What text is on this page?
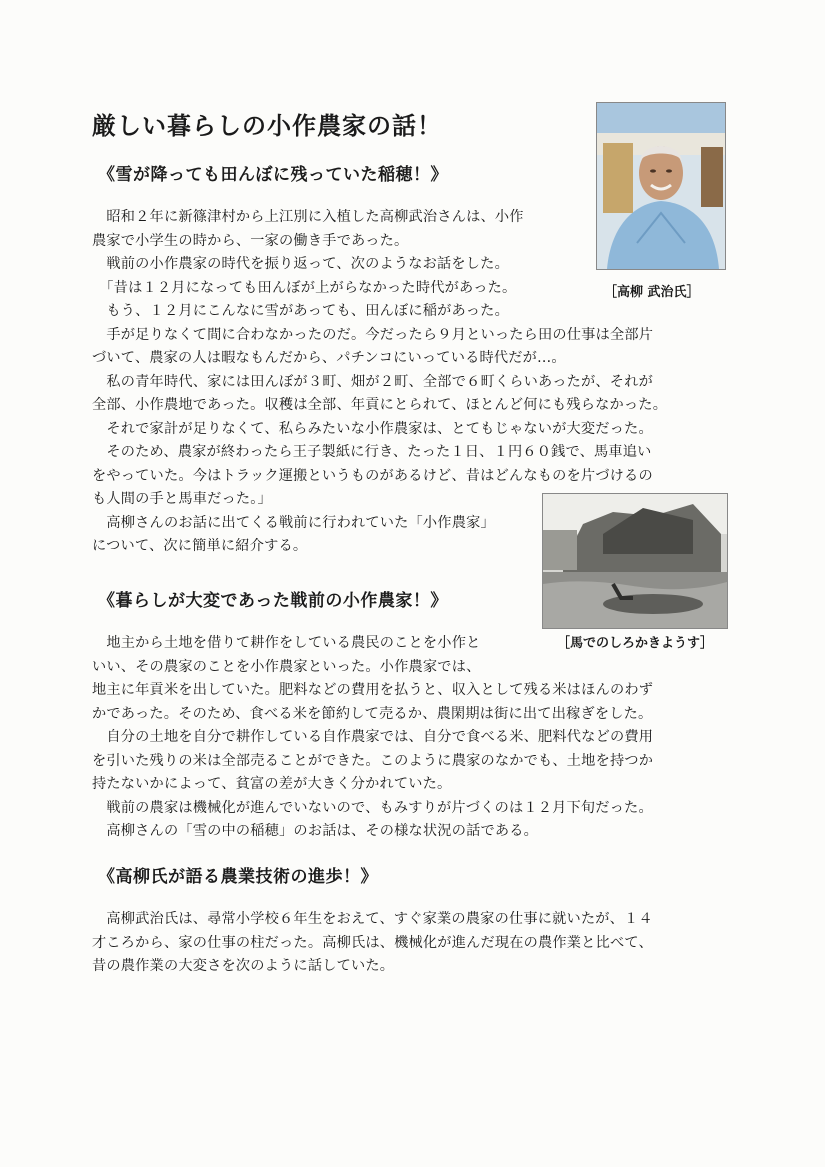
厳しい暮らしの小作農家の話！
［高柳 武治氏］
《雪が降っても田んぼに残っていた稲穂！》
　昭和２年に新篠津村から上江別に入植した高柳武治さんは、小作
農家で小学生の時から、一家の働き手であった。
　戦前の小作農家の時代を振り返って、次のようなお話をした。
　「昔は１２月になっても田んぼが上がらなかった時代があった。
　もう、１２月にこんなに雪があっても、田んぼに稲があった。
　手が足りなくて間に合わなかったのだ。今だったら９月といったら田の仕事は全部片
づいて、農家の人は暇なもんだから、パチンコにいっている時代だが…。
　私の青年時代、家には田んぼが３町、畑が２町、全部で６町くらいあったが、それが
全部、小作農地であった。収穫は全部、年貢にとられて、ほとんど何にも残らなかった。
　それで家計が足りなくて、私らみたいな小作農家は、とてもじゃないが大変だった。
　そのため、農家が終わったら王子製紙に行き、たった１日、１円６０銭で、馬車追い
をやっていた。今はトラック運搬というものがあるけど、昔はどんなものを片づけるの
も人間の手と馬車だった。」
　高柳さんのお話に出てくる戦前に行われていた「小作農家」
について、次に簡単に紹介する。
［馬でのしろかきようす］
《暮らしが大変であった戦前の小作農家！》
　地主から土地を借りて耕作をしている農民のことを小作と
いい、その農家のことを小作農家といった。小作農家では、
地主に年貢米を出していた。肥料などの費用を払うと、収入として残る米はほんのわず
かであった。そのため、食べる米を節約して売るか、農閑期は街に出て出稼ぎをした。
　自分の土地を自分で耕作している自作農家では、自分で食べる米、肥料代などの費用
を引いた残りの米は全部売ることができた。このように農家のなかでも、土地を持つか
持たないかによって、貧富の差が大きく分かれていた。
　戦前の農家は機械化が進んでいないので、もみすりが片づくのは１２月下旬だった。
　高柳さんの「雪の中の稲穂」のお話は、その様な状況の話である。
《高柳氏が語る農業技術の進歩！》
　高柳武治氏は、尋常小学校６年生をおえて、すぐ家業の農家の仕事に就いたが、１４
才ころから、家の仕事の柱だった。高柳氏は、機械化が進んだ現在の農作業と比べて、
昔の農作業の大変さを次のように話していた。
